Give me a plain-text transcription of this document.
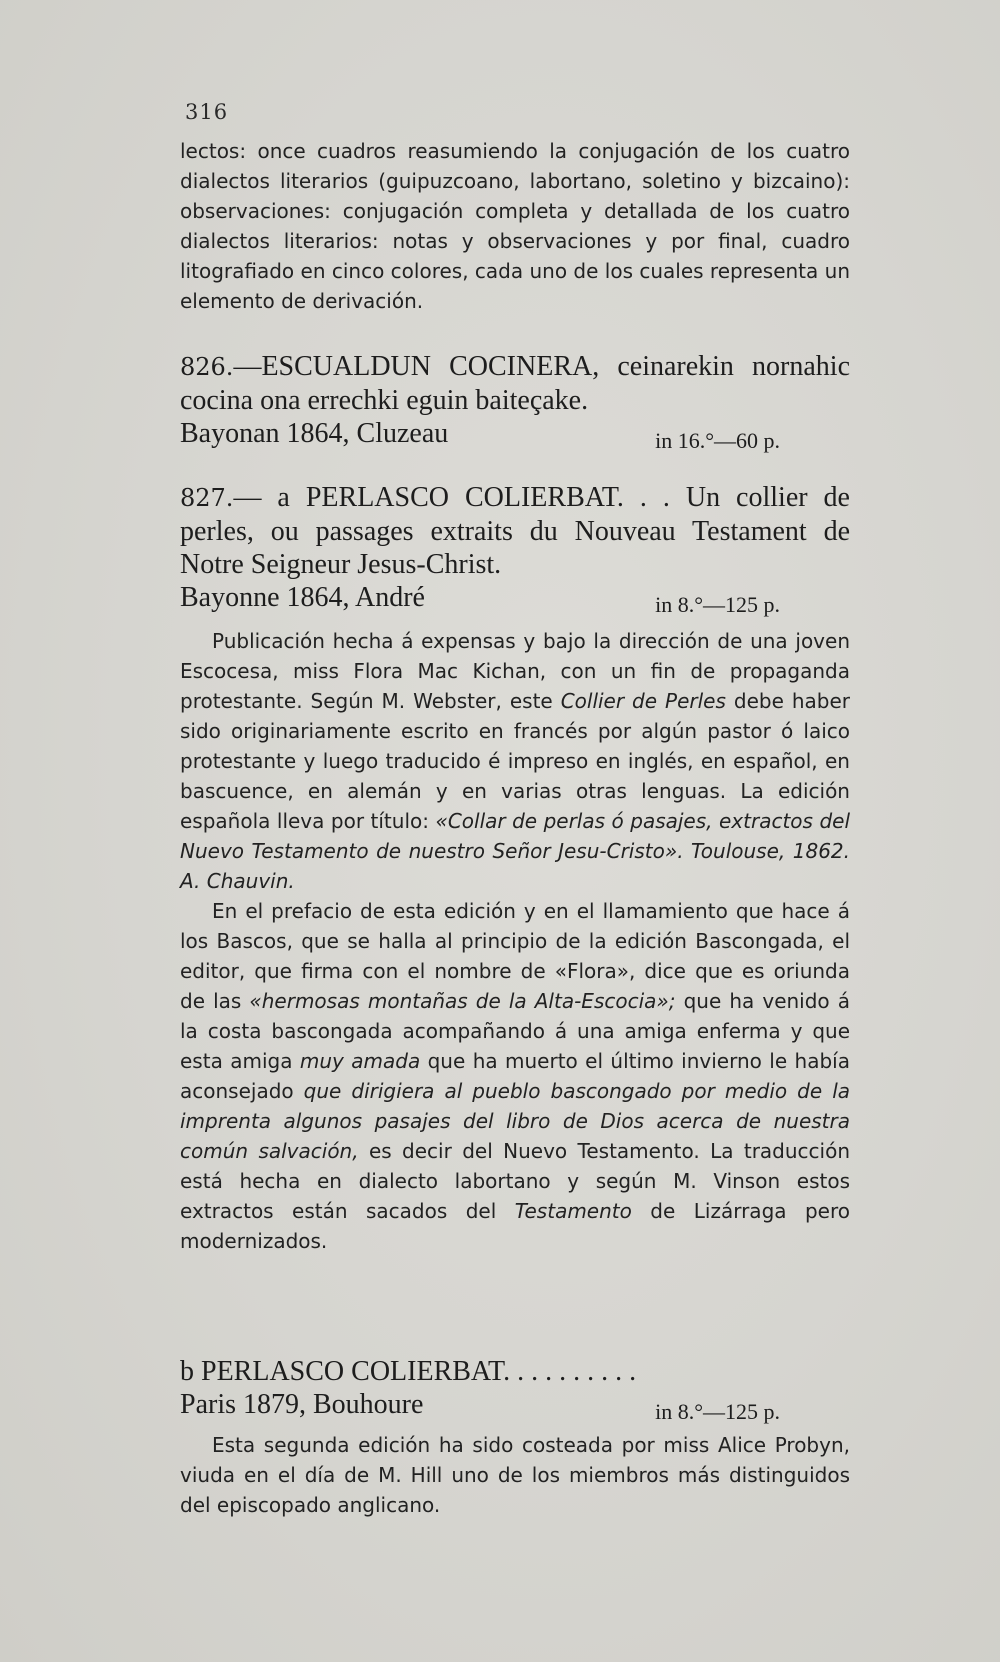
316

lectos: once cuadros reasumiendo la conjugación de los cuatro dialectos literarios (guipuzcoano, labortano, soletino y bizcaino): observaciones: conjugación completa y detallada de los cuatro dialectos literarios: notas y observaciones y por final, cuadro litografiado en cinco colores, cada uno de los cuales representa un elemento de derivación.

826.—ESCUALDUN COCINERA, ceinarekin nornahic cocina ona errechki eguin baiteçake.

Bayonan 1864, Cluzeau	in 16.°—60 p.

827.— a PERLASCO COLIERBAT. . . Un collier de perles, ou passages extraits du Nouveau Testament de Notre Seigneur Jesus-Christ.

Bayonne 1864, André	in 8.°—125 p.

Publicación hecha á expensas y bajo la dirección de una joven Escocesa, miss Flora Mac Kichan, con un fin de propaganda protestante. Según M. Webster, este Collier de Perles debe haber sido originariamente escrito en francés por algún pastor ó laico protestante y luego traducido é impreso en inglés, en español, en bascuence, en alemán y en varias otras lenguas. La edición española lleva por título: «Collar de perlas ó pasajes, extractos del Nuevo Testamento de nuestro Señor Jesu-Cristo». Toulouse, 1862. A. Chauvin.

En el prefacio de esta edición y en el llamamiento que hace á los Bascos, que se halla al principio de la edición Bascongada, el editor, que firma con el nombre de «Flora», dice que es oriunda de las «hermosas montañas de la Alta-Escocia»; que ha venido á la costa bascongada acompañando á una amiga enferma y que esta amiga muy amada que ha muerto el último invierno le había aconsejado que dirigiera al pueblo bascongado por medio de la imprenta algunos pasajes del libro de Dios acerca de nuestra común salvación, es decir del Nuevo Testamento. La traducción está hecha en dialecto labortano y según M. Vinson estos extractos están sacados del Testamento de Lizárraga pero modernizados.

b PERLASCO COLIERBAT. . . . . . . . . .

Paris 1879, Bouhoure	in 8.°—125 p.

Esta segunda edición ha sido costeada por miss Alice Probyn, viuda en el día de M. Hill uno de los miembros más distinguidos del episcopado anglicano.
